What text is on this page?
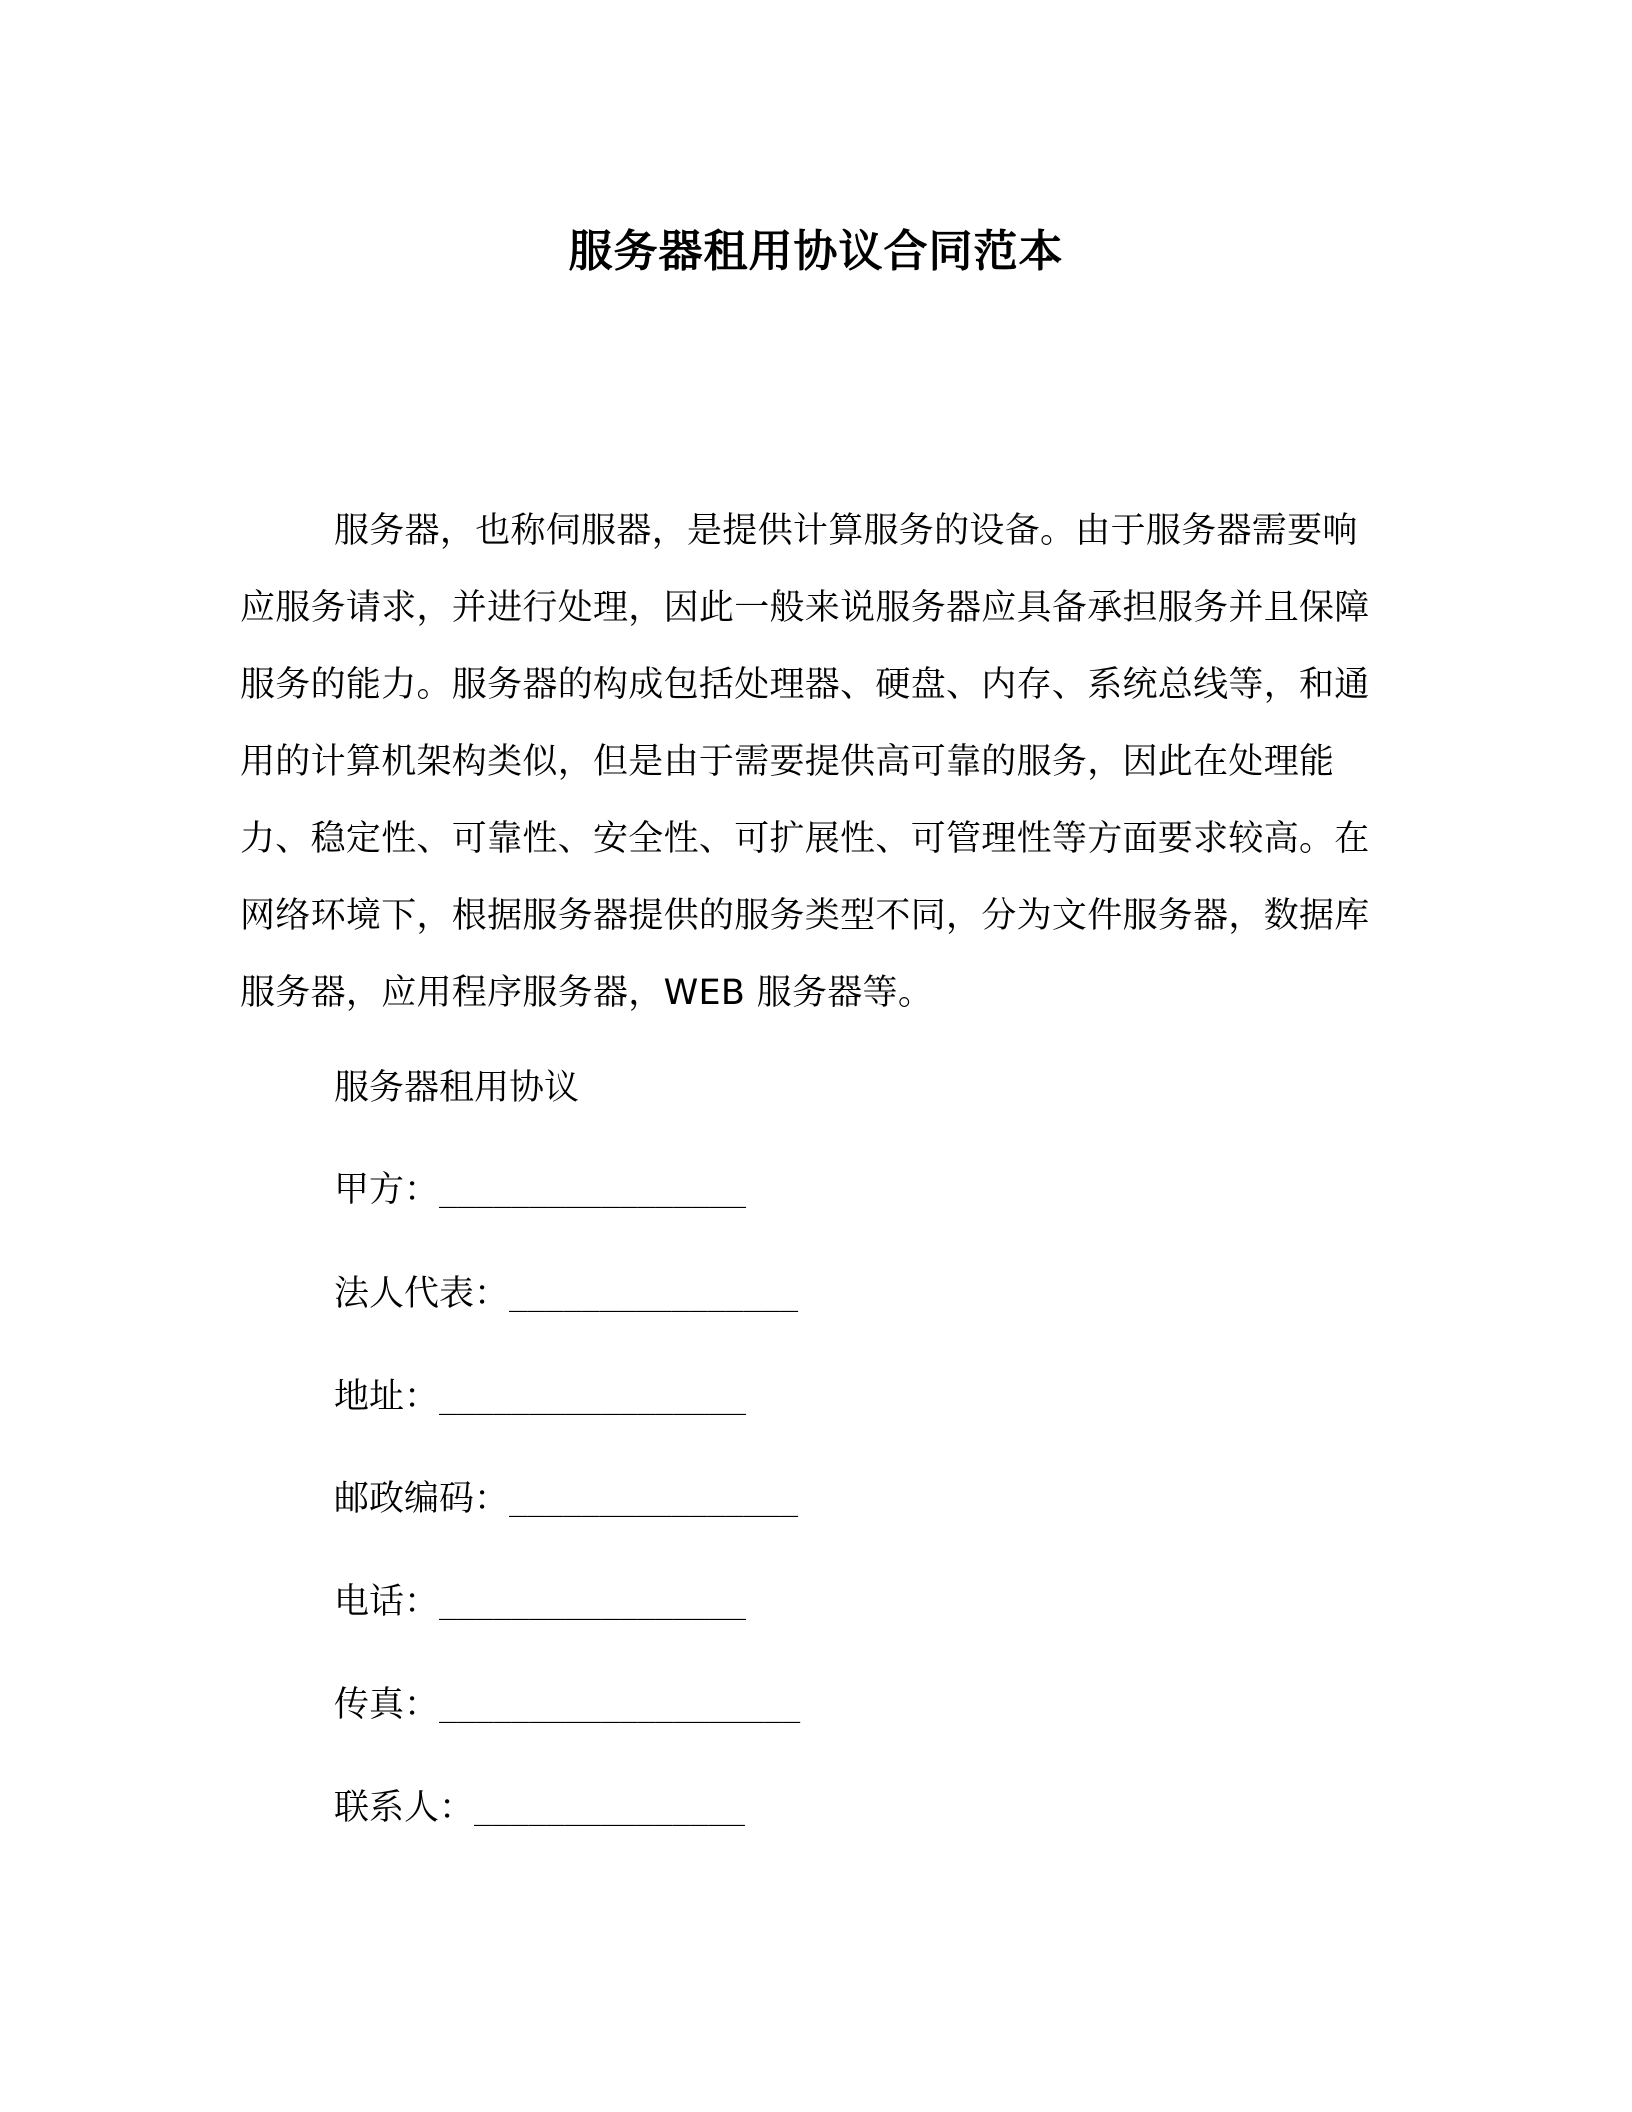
服务器租用协议合同范本

服务器，也称伺服器，是提供计算服务的设备。由于服务器需要响应服务请求，并进行处理，因此一般来说服务器应具备承担服务并且保障服务的能力。服务器的构成包括处理器、硬盘、内存、系统总线等，和通用的计算机架构类似，但是由于需要提供高可靠的服务，因此在处理能力、稳定性、可靠性、安全性、可扩展性、可管理性等方面要求较高。在网络环境下，根据服务器提供的服务类型不同，分为文件服务器，数据库服务器，应用程序服务器，WEB 服务器等。

服务器租用协议

甲方：_________________

法人代表：________________

地址：_________________

邮政编码：________________

电话：_________________

传真：____________________

联系人：_______________
